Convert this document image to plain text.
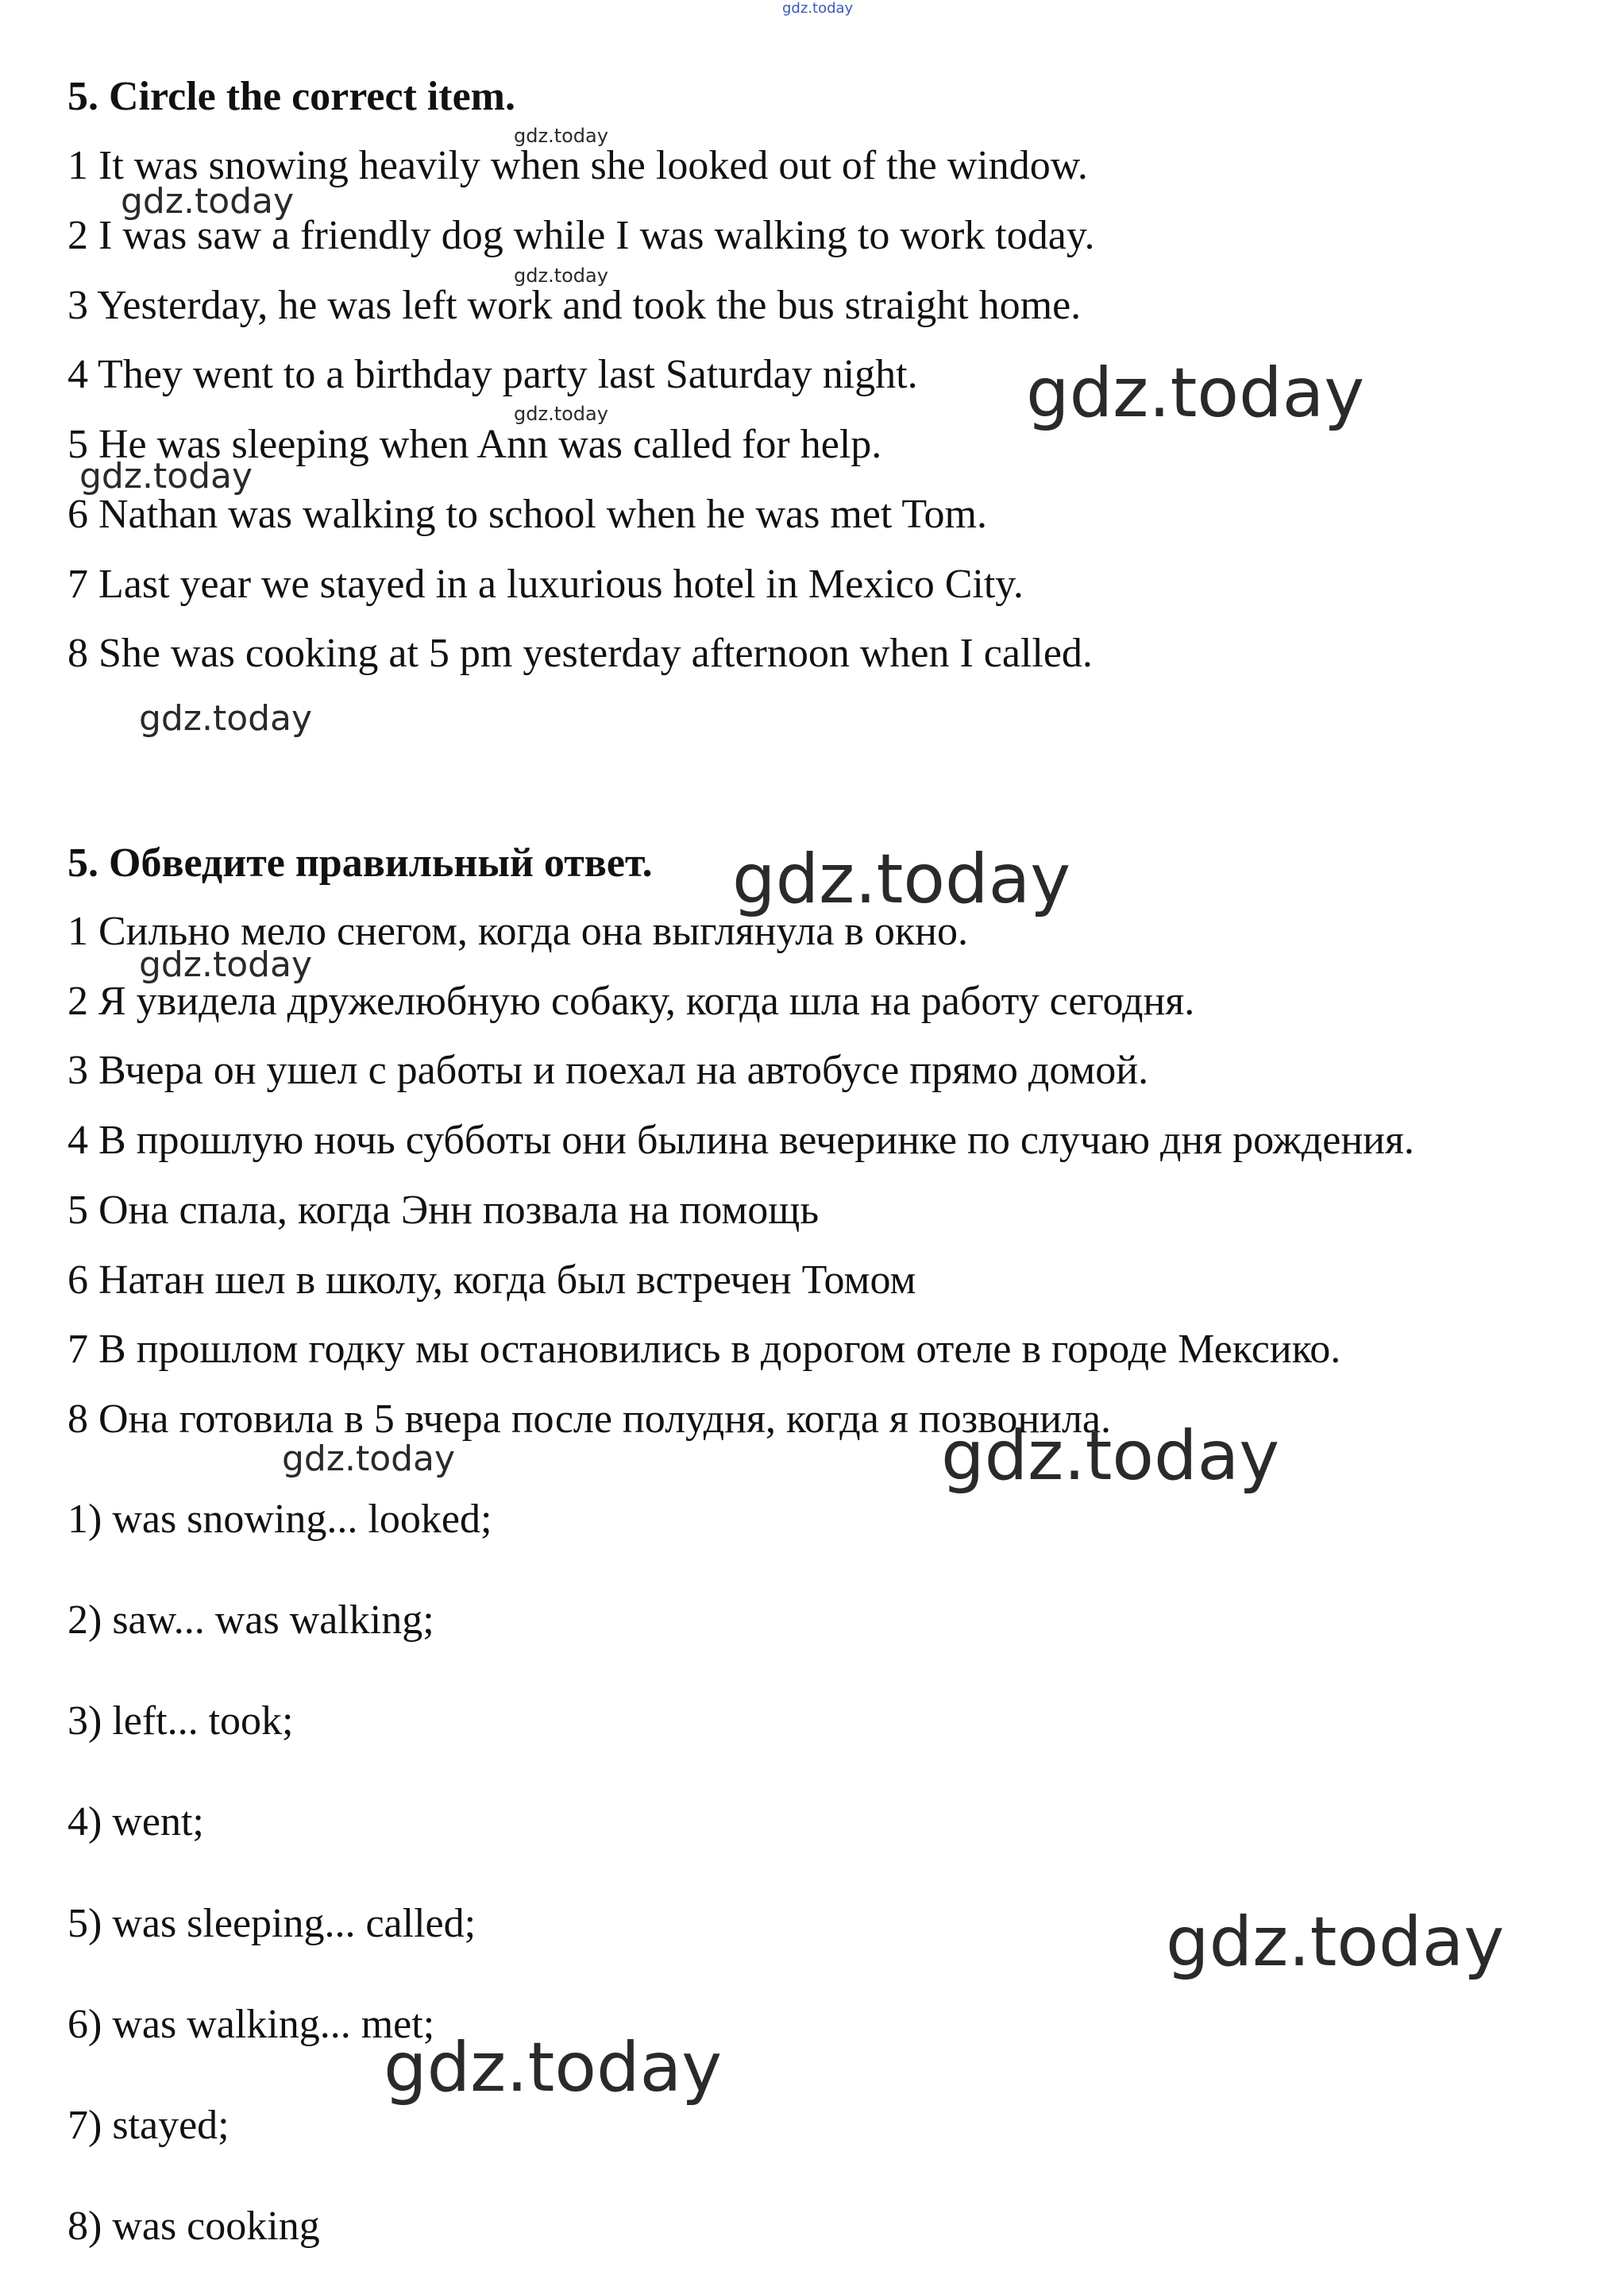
5. Circle the correct item.
1 It was snowing heavily when she looked out of the window.
2 I was saw a friendly dog while I was walking to work today.
3 Yesterday, he was left work and took the bus straight home.
4 They went to a birthday party last Saturday night.
5 He was sleeping when Ann was called for help.
6 Nathan was walking to school when he was met Tom.
7 Last year we stayed in a luxurious hotel in Mexico City.
8 She was cooking at 5 pm yesterday afternoon when I called.
5. Обведите правильный ответ.
1 Сильно мело снегом, когда она выглянула в окно.
2 Я увидела дружелюбную собаку, когда шла на работу сегодня.
3 Вчера он ушел с работы и поехал на автобусе прямо домой.
4 В прошлую ночь субботы они былина вечеринке по случаю дня рождения.
5 Она спала, когда Энн позвала на помощь
6 Натан шел в школу, когда был встречен Томом
7 В прошлом годку мы остановились в дорогом отеле в городе Мексико.
8 Она готовила в 5 вчера после полудня, когда я позвонила.
1) was snowing... looked;
2) saw... was walking;
3) left... took;
4) went;
5) was sleeping... called;
6) was walking... met;
7) stayed;
8) was cooking
gdz.today
gdz.today
gdz.today
gdz.today
gdz.today
gdz.today
gdz.today
gdz.today
gdz.today
gdz.today
gdz.today	gdz.today
gdz.today
gdz.today
